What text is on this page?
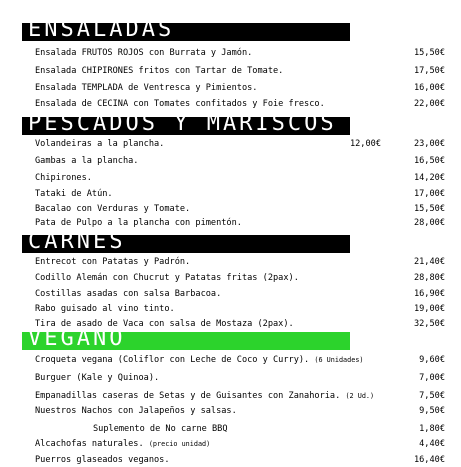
ENSALADAS
Ensalada FRUTOS ROJOS con Burrata y Jamón.	15,50€
Ensalada CHIPIRONES fritos con Tartar de Tomate.	17,50€
Ensalada TEMPLADA de Ventresca y Pimientos.	16,00€
Ensalada de CECINA con Tomates confitados y Foie fresco.	22,00€
PESCADOS Y MARISCOS
Volandeiras a la plancha.	12,00€	23,00€
Gambas a la plancha.	16,50€
Chipirones.	14,20€
Tataki de Atún.	17,00€
Bacalao con Verduras y Tomate.	15,50€
Pata de Pulpo a la plancha con pimentón.	28,00€
CARNES
Entrecot con Patatas y Padrón.	21,40€
Codillo Alemán con Chucrut y Patatas fritas (2pax).	28,80€
Costillas asadas con salsa Barbacoa.	16,90€
Rabo guisado al vino tinto.	19,00€
Tira de asado de Vaca con salsa de Mostaza (2pax).	32,50€
VEGANO
Croqueta vegana (Coliflor con Leche de Coco y Curry). (6 Unidades)	9,60€
Burguer (Kale y Quinoa).	7,00€
Empanadillas caseras de Setas y de Guisantes con Zanahoria. (2 Ud.)	7,50€
Nuestros Nachos con Jalapeños y salsas.	9,50€
Suplemento de No carne BBQ	1,80€
Alcachofas naturales. (precio unidad)	4,40€
Puerros glaseados veganos.	16,40€
